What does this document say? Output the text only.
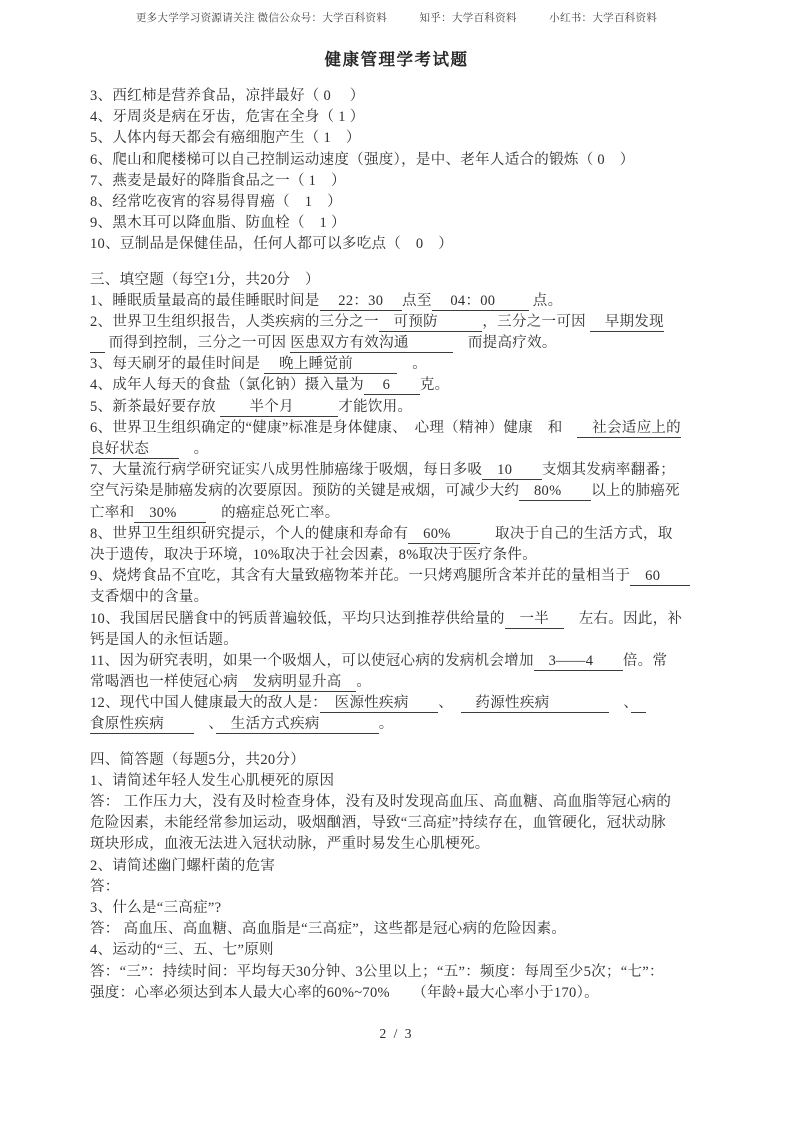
更多大学学习资源请关注 微信公众号：大学百科资料　　　知乎：大学百科资料　　　小红书：大学百科资料
健康管理学考试题
3、西红柿是营养食品，凉拌最好（ 0　 ）
4、牙周炎是病在牙齿，危害在全身（ 1 ）
5、人体内每天都会有癌细胞产生（ 1　）
6、爬山和爬楼梯可以自己控制运动速度（强度），是中、老年人适合的锻炼（ 0　）
7、燕麦是最好的降脂食品之一（ 1　）
8、经常吃夜宵的容易得胃癌（　1　）
9、黑木耳可以降血脂、防血栓（　1 ）
10、豆制品是保健佳品，任何人都可以多吃点（　0　）
三、填空题（每空1分，共20分　）
1、睡眠质量最高的最佳睡眠时间是　 22：30 　点至　 04：00 　　 点。
2、世界卫生组织报告，人类疾病的三分之一　可预防　　　，三分之一可因 　早期发现
　 而得到控制，三分之一可因 医患双方有效沟通　　　　而提高疗效。
3、每天刷牙的最佳时间是 　晚上睡觉前　　　　。
4、成年人每天的食盐（氯化钠）摄入量为　 6　　克。
5、新茶最好要存放 　　半个月　　　才能饮用。
6、世界卫生组织确定的“健康”标准是身体健康、　心理（精神）健康　和　　社会适应上的
良好状态　　　。
7、大量流行病学研究证实八成男性肺癌缘于吸烟，每日多吸　10　　支烟其发病率翻番；
空气污染是肺癌发病的次要原因。预防的关键是戒烟，可减少大约　80%　　以上的肺癌死
亡率和　30%　　　的癌症总死亡率。
8、世界卫生组织研究提示，个人的健康和寿命有　60%　　　取决于自己的生活方式，取
决于遗传，取决于环境，10%取决于社会因素，8%取决于医疗条件。
9、烧烤食品不宜吃，其含有大量致癌物苯并芘。一只烤鸡腿所含苯并芘的量相当于　60　　
支香烟中的含量。
10、我国居民膳食中的钙质普遍较低，平均只达到推荐供给量的　一半　　左右。因此，补
钙是国人的永恒话题。
11、因为研究表明，如果一个吸烟人，可以使冠心病的发病机会增加　3——4　　倍。常
常喝酒也一样使冠心病　发病明显升高　。
12、现代中国人健康最大的敌人是：　医源性疾病　　、　　药源性疾病　　　　　、　
食原性疾病　　　、　生活方式疾病　　　　。
四、简答题（每题5分，共20分）
1、请简述年轻人发生心肌梗死的原因
答： 工作压力大，没有及时检查身体，没有及时发现高血压、高血糖、高血脂等冠心病的
危险因素，未能经常参加运动，吸烟酗酒，导致“三高症”持续存在，血管硬化，冠状动脉
斑块形成，血液无法进入冠状动脉，严重时易发生心肌梗死。
2、请简述幽门螺杆菌的危害
答：
3、什么是“三高症”?
答： 高血压、高血糖、高血脂是“三高症”，这些都是冠心病的危险因素。
4、运动的“三、五、七”原则
答：“三”：持续时间：平均每天30分钟、3公里以上；“五”：频度：每周至少5次；“七”：
强度：心率必须达到本人最大心率的60%~70%　　（年龄+最大心率小于170）。
2 / 3
